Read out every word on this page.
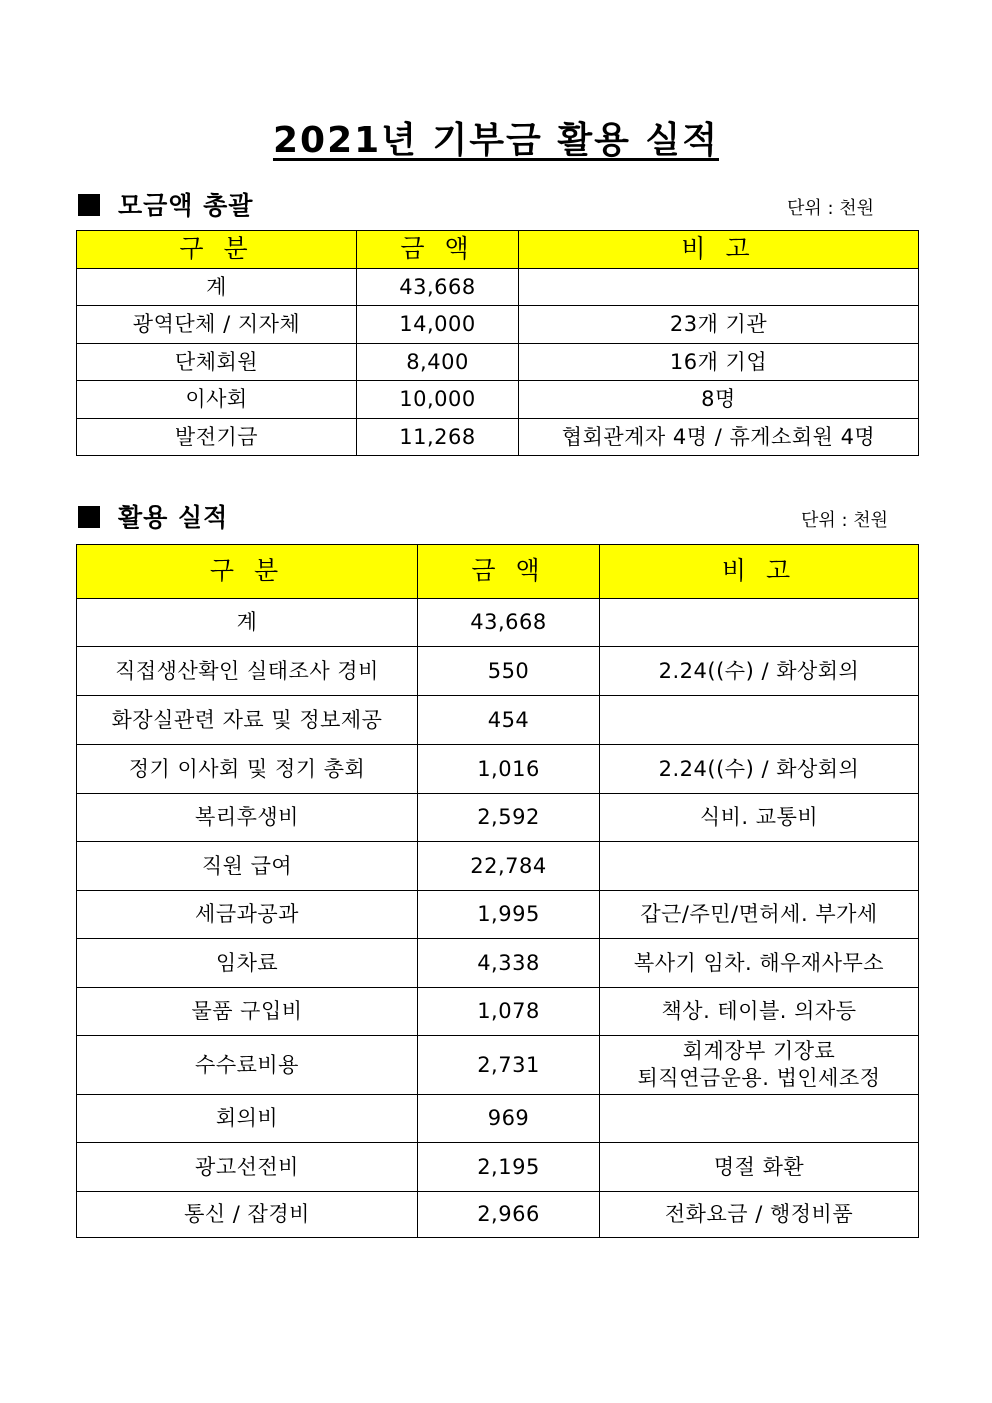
2021년 기부금 활용 실적
모금액 총괄	단위 : 천원
구 분	금 액	비 고
계	43,668	
광역단체 / 지자체	14,000	23개 기관
단체회원	8,400	16개 기업
이사회	10,000	8명
발전기금	11,268	협회관계자 4명 / 휴게소회원 4명
활용 실적	단위 : 천원
구 분	금 액	비 고
계	43,668	
직접생산확인 실태조사 경비	550	2.24((수) / 화상회의
화장실관련 자료 및 정보제공	454	
정기 이사회 및 정기 총회	1,016	2.24((수) / 화상회의
복리후생비	2,592	식비. 교통비
직원 급여	22,784	
세금과공과	1,995	갑근/주민/면허세. 부가세
임차료	4,338	복사기 임차. 해우재사무소
물품 구입비	1,078	책상. 테이블. 의자등
수수료비용	2,731	회계장부 기장료
퇴직연금운용. 법인세조정

회의비	969	
광고선전비	2,195	명절 화환
통신 / 잡경비	2,966	전화요금 / 행정비품
